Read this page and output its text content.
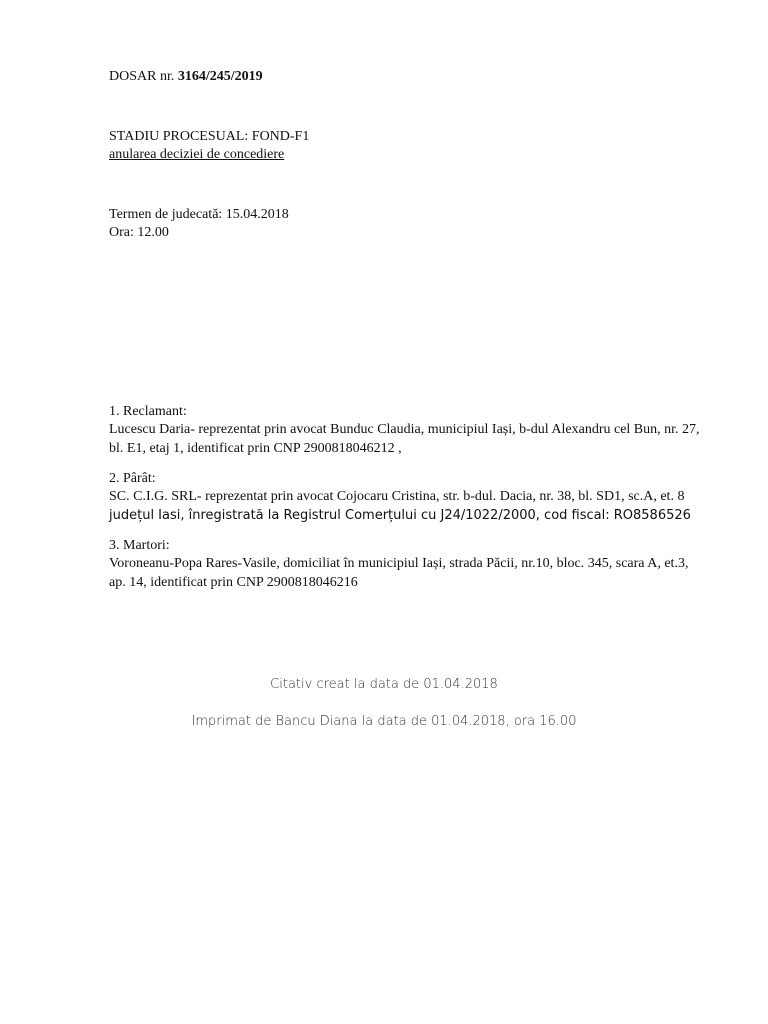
DOSAR nr. 3164/245/2019
STADIU PROCESUAL: FOND-F1
anularea deciziei de concediere
Termen de judecată: 15.04.2018
Ora: 12.00
1. Reclamant:
Lucescu Daria- reprezentat prin avocat Bunduc Claudia, municipiul Iași, b-dul Alexandru cel Bun, nr. 27,
bl. E1, etaj 1, identificat prin CNP 2900818046212 ,
2. Pârât:
SC. C.I.G. SRL- reprezentat prin avocat Cojocaru Cristina, str. b-dul. Dacia, nr. 38, bl. SD1, sc.A, et. 8
județul Iasi, înregistrată la Registrul Comerțului cu J24/1022/2000, cod fiscal: RO8586526
3. Martori:
Voroneanu-Popa Rares-Vasile, domiciliat în municipiul Iași, strada Păcii, nr.10, bloc. 345, scara A, et.3,
ap. 14, identificat prin CNP 2900818046216
Citativ creat la data de 01.04.2018
Imprimat de Bancu Diana la data de 01.04.2018, ora 16.00
